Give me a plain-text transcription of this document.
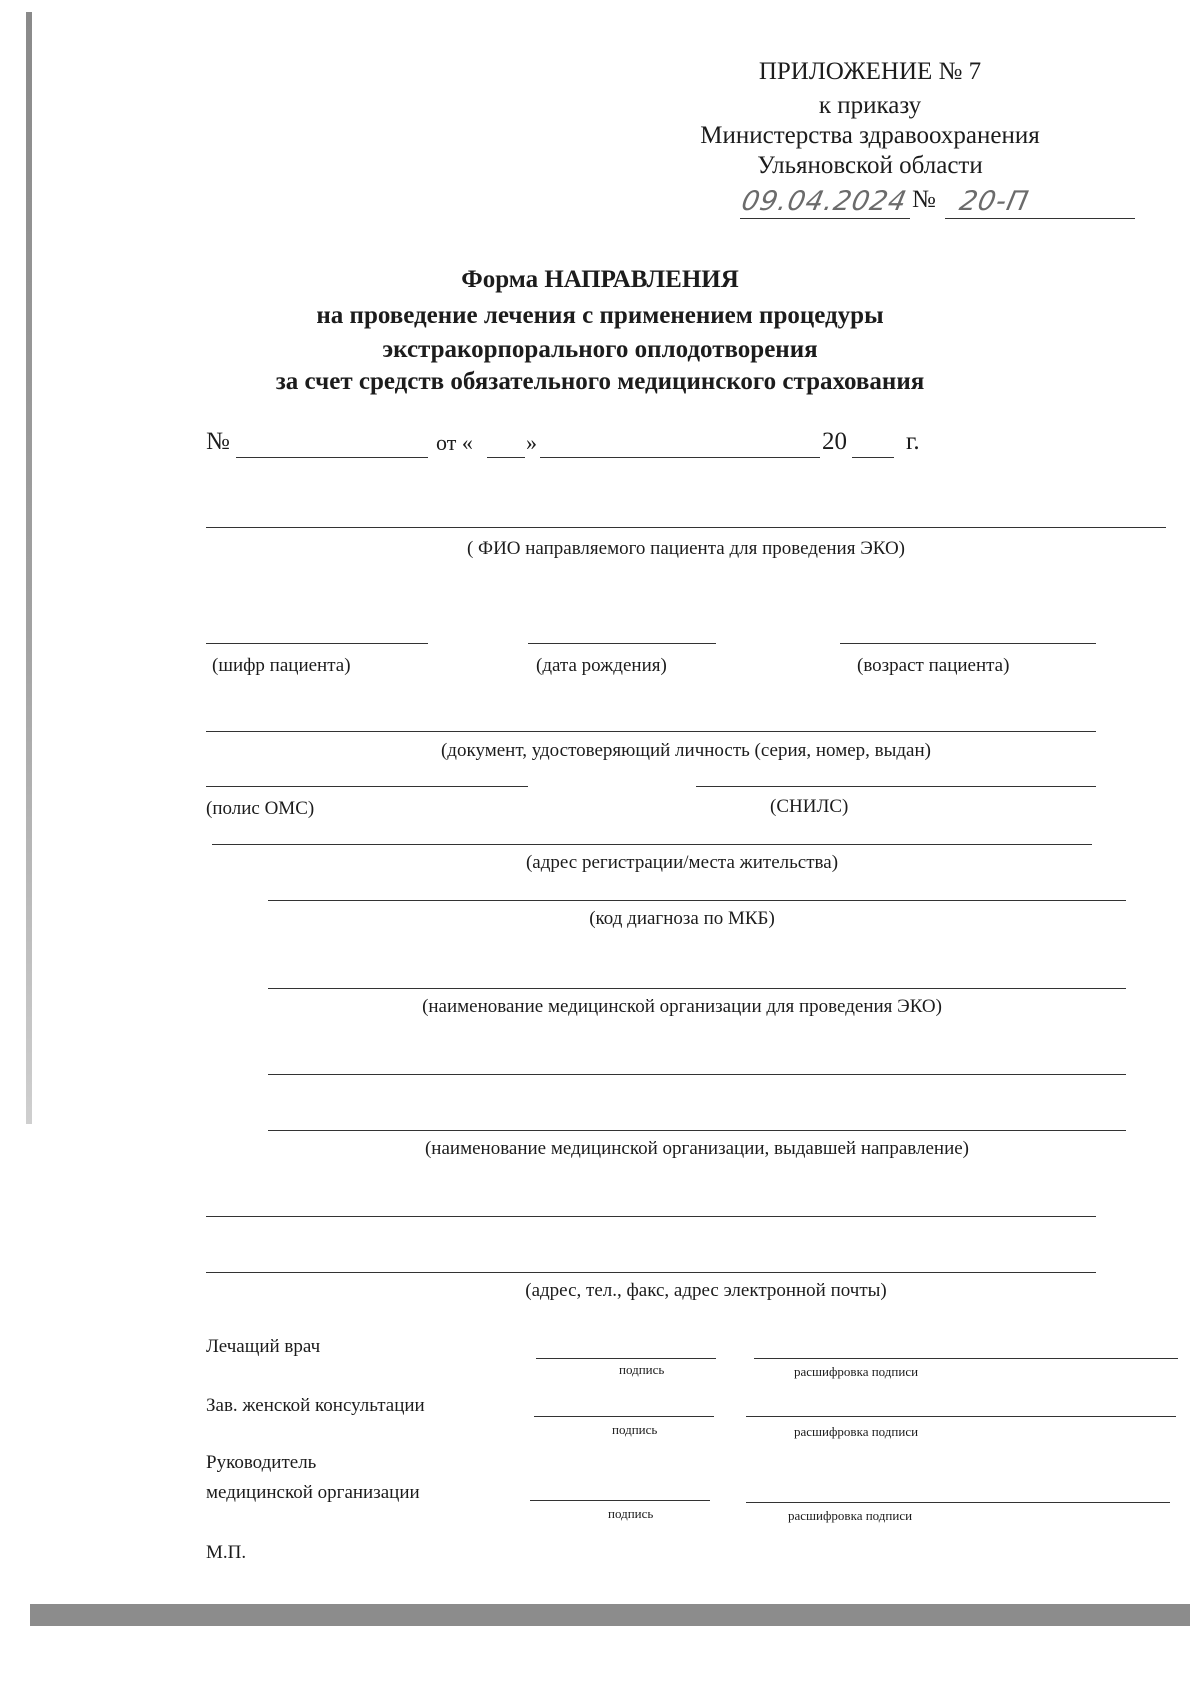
ПРИЛОЖЕНИЕ № 7
к приказу
Министерства здравоохранения
Ульяновской области
09.04.2024 № 20-П
Форма НАПРАВЛЕНИЯ
на проведение лечения с применением процедуры
экстракорпорального оплодотворения
за счет средств обязательного медицинского страхования
№	от « »	20 г.
( ФИО направляемого пациента для проведения ЭКО)
(шифр пациента)	(дата рождения)	(возраст пациента)
(документ, удостоверяющий личность (серия, номер, выдан)
(полис ОМС)	(СНИЛС)
(адрес регистрации/места жительства)
(код диагноза по МКБ)
(наименование медицинской организации для проведения ЭКО)
(наименование медицинской организации, выдавшей направление)
(адрес, тел., факс, адрес электронной почты)
Лечащий врач
подпись	расшифровка подписи
Зав. женской консультации
подпись	расшифровка подписи
Руководитель
медицинской организации
подпись	расшифровка подписи
М.П.
